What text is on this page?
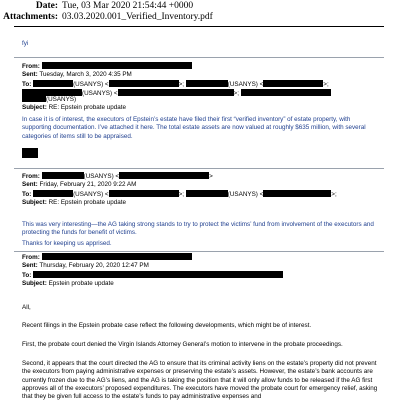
Date: Tue, 03 Mar 2020 21:54:44 +0000
Attachments: 03.03.2020.001_Verified_Inventory.pdf
fyi
From:
Sent: Tuesday, March 3, 2020 4:35 PM
To:	(USANYS) <	>;	(USANYS) <	>;
(USANYS) <	>;
(USANYS)
Subject: RE: Epstein probate update
In case it is of interest, the executors of Epstein’s estate have filed their first “verified inventory” of estate property, with supporting documentation. I’ve attached it here. The total estate assets are now valued at roughly $635 million, with several categories of items still to be appraised.
From:	(USANYS) <	>
Sent: Friday, February 21, 2020 9:22 AM
To:	(USANYS) <	>;	(USANYS) <	>;
Subject: RE: Epstein probate update
This was very interesting—the AG taking strong stands to try to protect the victims’ fund from involvement of the executors and protecting the funds for benefit of victims.
Thanks for keeping us apprised.
From:
Sent: Thursday, February 20, 2020 12:47 PM
To:
Subject: Epstein probate update
All,
Recent filings in the Epstein probate case reflect the following developments, which might be of interest.
First, the probate court denied the Virgin Islands Attorney General’s motion to intervene in the probate proceedings.
Second, it appears that the court directed the AG to ensure that its criminal activity liens on the estate’s property did not prevent the executors from paying administrative expenses or preserving the estate’s assets. However, the estate’s bank accounts are currently frozen due to the AG’s liens, and the AG is taking the position that it will only allow funds to be released if the AG first approves all of the executors’ proposed expenditures. The executors have moved the probate court for emergency relief, asking that they be given full access to the estate’s funds to pay administrative expenses and
